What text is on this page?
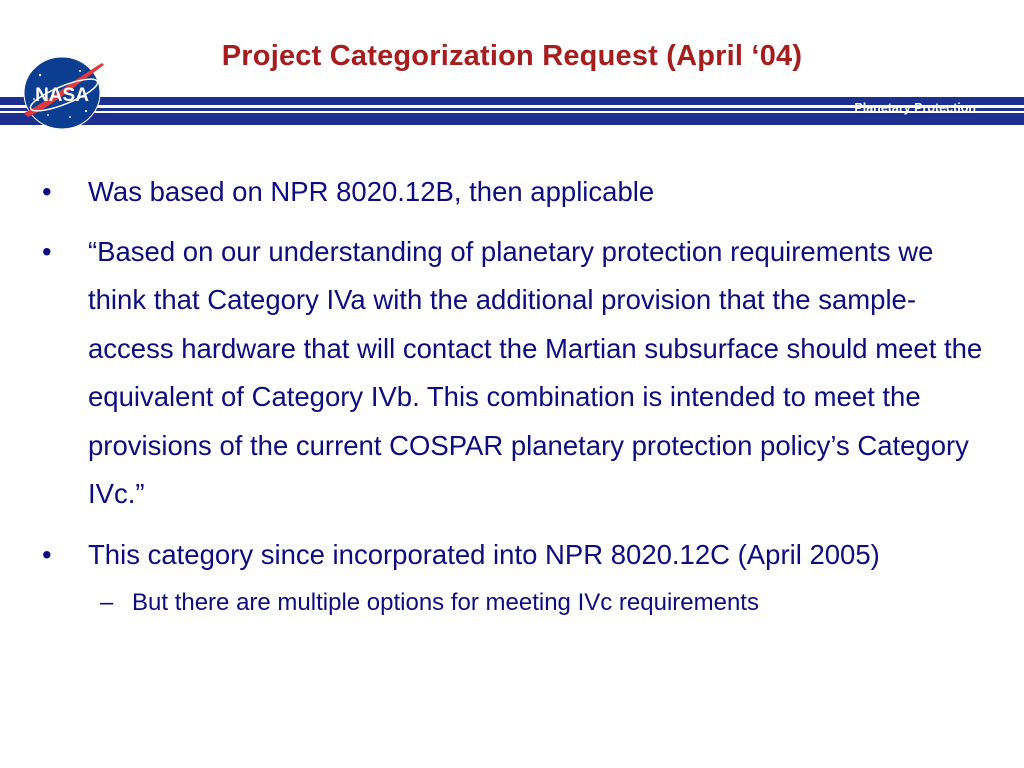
Project Categorization Request (April ‘04)
Planetary Protection
NASA
• Was based on NPR 8020.12B, then applicable
• “Based on our understanding of planetary protection requirements we think that Category IVa with the additional provision that the sample-access hardware that will contact the Martian subsurface should meet the equivalent of Category IVb. This combination is intended to meet the provisions of the current COSPAR planetary protection policy’s Category IVc.”
• This category since incorporated into NPR 8020.12C (April 2005)
– But there are multiple options for meeting IVc requirements
